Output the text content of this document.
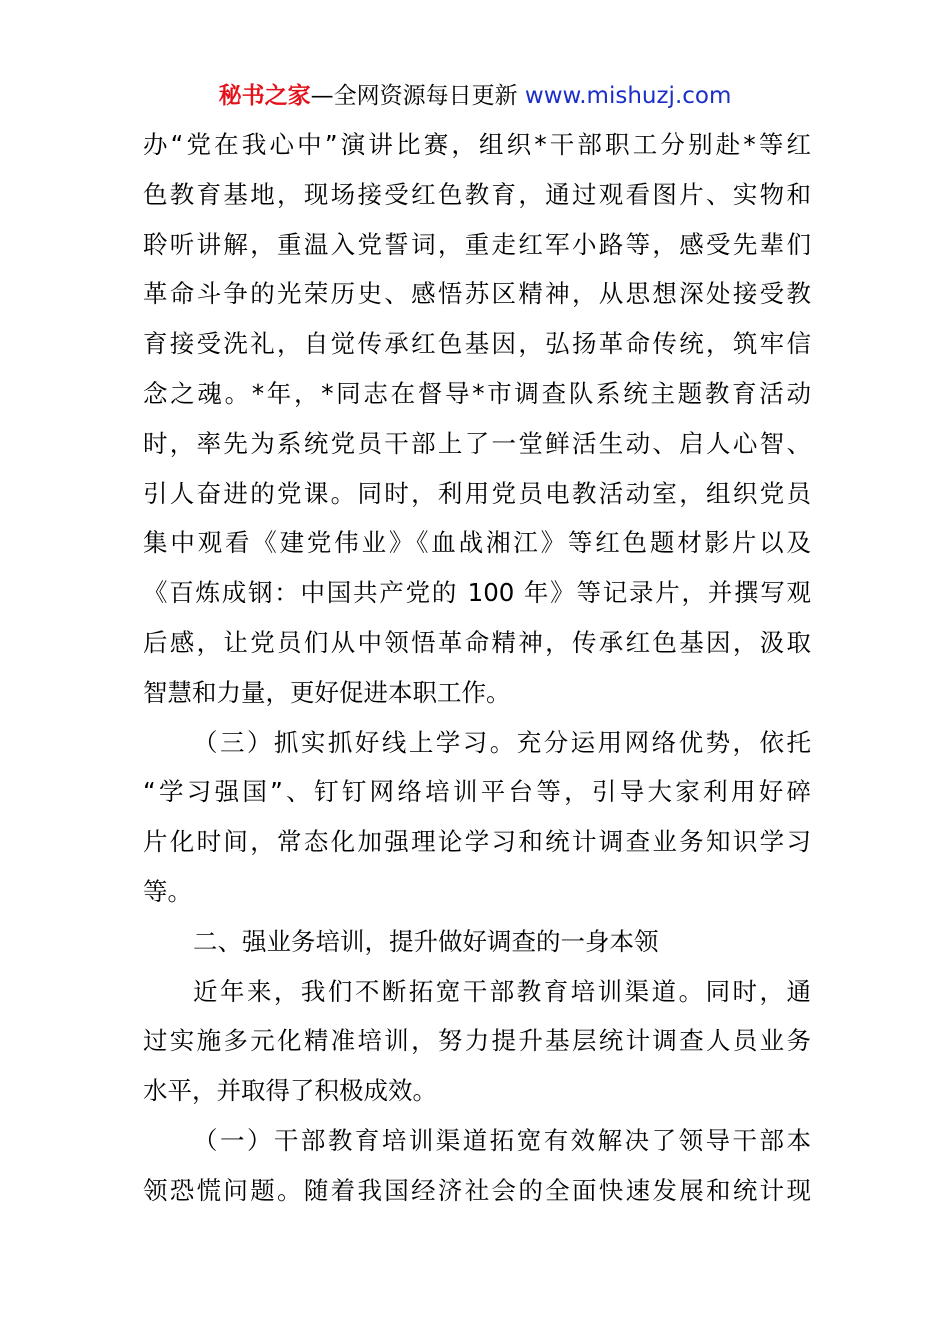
秘书之家—全网资源每日更新 www.mishuzj.com
办“党在我心中”演讲比赛，组织*干部职工分别赴*等红
色教育基地，现场接受红色教育，通过观看图片、实物和
聆听讲解，重温入党誓词，重走红军小路等，感受先辈们
革命斗争的光荣历史、感悟苏区精神，从思想深处接受教
育接受洗礼，自觉传承红色基因，弘扬革命传统，筑牢信
念之魂。*年，*同志在督导*市调查队系统主题教育活动
时，率先为系统党员干部上了一堂鲜活生动、启人心智、
引人奋进的党课。同时，利用党员电教活动室，组织党员
集中观看《建党伟业》《血战湘江》等红色题材影片以及
《百炼成钢：中国共产党的 100 年》等记录片，并撰写观
后感，让党员们从中领悟革命精神，传承红色基因，汲取
智慧和力量，更好促进本职工作。
（三）抓实抓好线上学习。充分运用网络优势，依托
“学习强国”、钉钉网络培训平台等，引导大家利用好碎
片化时间，常态化加强理论学习和统计调查业务知识学习
等。
二、强业务培训，提升做好调查的一身本领
近年来，我们不断拓宽干部教育培训渠道。同时，通
过实施多元化精准培训，努力提升基层统计调查人员业务
水平，并取得了积极成效。
（一）干部教育培训渠道拓宽有效解决了领导干部本
领恐慌问题。随着我国经济社会的全面快速发展和统计现
